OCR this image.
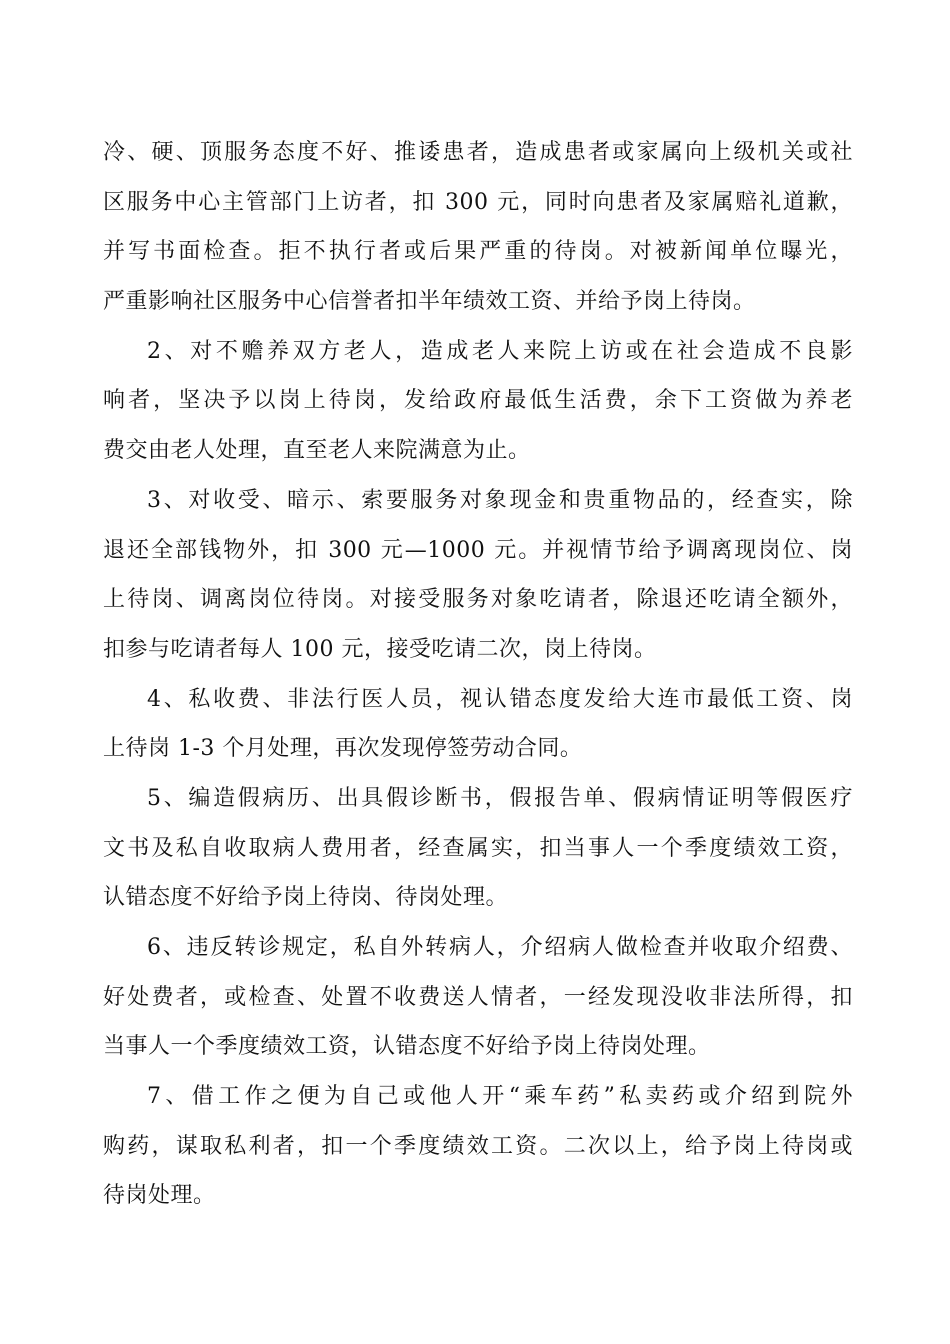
冷、硬、顶服务态度不好、推诿患者，造成患者或家属向上级机关或社
区服务中心主管部门上访者，扣 300 元，同时向患者及家属赔礼道歉，
并写书面检查。拒不执行者或后果严重的待岗。对被新闻单位曝光，
严重影响社区服务中心信誉者扣半年绩效工资、并给予岗上待岗。
2、对不赡养双方老人，造成老人来院上访或在社会造成不良影
响者，坚决予以岗上待岗，发给政府最低生活费，余下工资做为养老
费交由老人处理，直至老人来院满意为止。
3、对收受、暗示、索要服务对象现金和贵重物品的，经查实，除
退还全部钱物外，扣 300 元—1000 元。并视情节给予调离现岗位、岗
上待岗、调离岗位待岗。对接受服务对象吃请者，除退还吃请全额外，
扣参与吃请者每人 100 元，接受吃请二次，岗上待岗。
4、私收费、非法行医人员，视认错态度发给大连市最低工资、岗
上待岗 1-3 个月处理，再次发现停签劳动合同。
5、编造假病历、出具假诊断书，假报告单、假病情证明等假医疗
文书及私自收取病人费用者，经查属实，扣当事人一个季度绩效工资，
认错态度不好给予岗上待岗、待岗处理。
6、违反转诊规定，私自外转病人，介绍病人做检查并收取介绍费、
好处费者，或检查、处置不收费送人情者，一经发现没收非法所得，扣
当事人一个季度绩效工资，认错态度不好给予岗上待岗处理。
7、借工作之便为自己或他人开“乘车药”私卖药或介绍到院外
购药，谋取私利者，扣一个季度绩效工资。二次以上，给予岗上待岗或
待岗处理。
